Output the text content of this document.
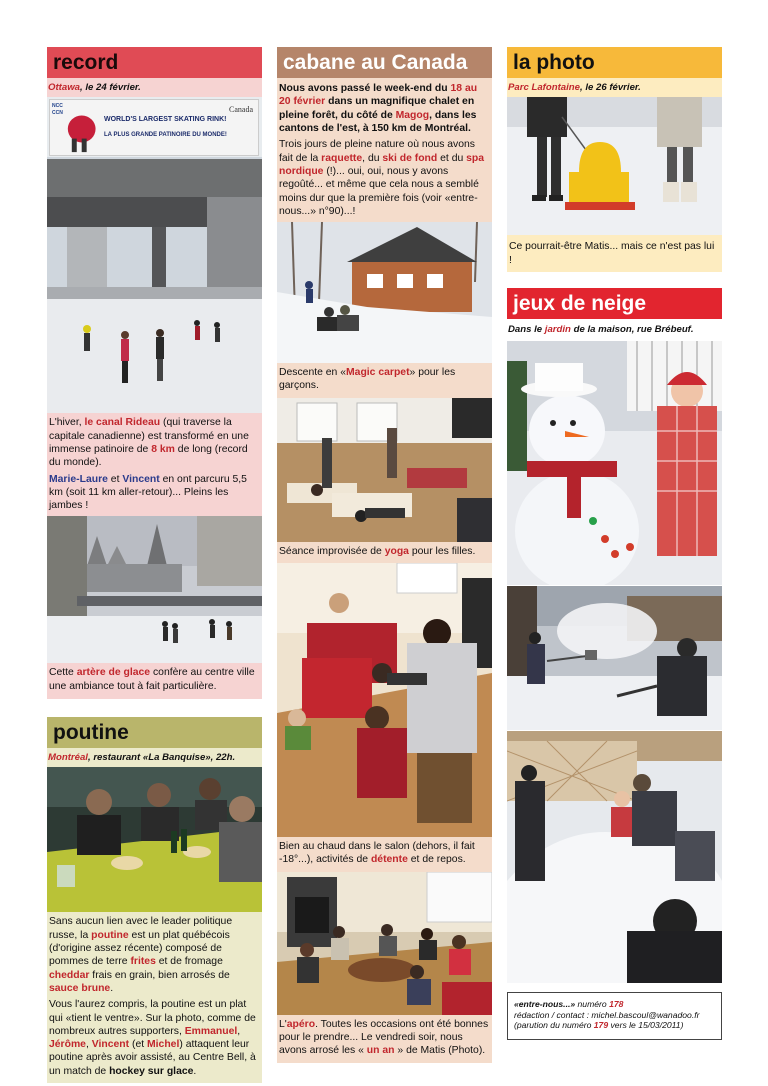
record
Ottawa, le 24 février.
NCC CCN	Canada
WORLD'S LARGEST SKATING RINK!
LA PLUS GRANDE PATINOIRE DU MONDE!

L'hiver, le canal Rideau (qui traverse la capitale canadienne) est transformé en une immense patinoire de 8 km de long (record du monde).

Marie-Laure et Vincent en ont parcuru 5,5 km (soit 11 km aller-retour)... Pleins les jambes !

Cette artère de glace confère au centre ville une ambiance tout à fait particulière.

poutine
Montréal, restaurant «La Banquise», 22h.

Sans aucun lien avec le leader politique russe, la poutine est un plat québécois (d'origine assez récente) composé de pommes de terre frites et de fromage cheddar frais en grain, bien arrosés de sauce brune.

Vous l'aurez compris, la poutine est un plat qui «tient le ventre». Sur la photo, comme de nombreux autres supporters, Emmanuel, Jérôme, Vincent (et Michel) attaquent leur poutine après avoir assisté, au Centre Bell, à un match de hockey sur glace.

cabane au Canada

Nous avons passé le week-end du 18 au 20 février dans un magnifique chalet en pleine forêt, du côté de Magog, dans les cantons de l'est, à 150 km de Montréal.

Trois jours de pleine nature où nous avons fait de la raquette, du ski de fond et du spa nordique (!)... oui, oui, nous y avons regoûté... et même que cela nous a semblé moins dur que la première fois (voir «entre-nous...» n°90)...!

Descente en «Magic carpet» pour les garçons.

Séance improvisée de yoga pour les filles.

Bien au chaud dans le salon (dehors, il fait -18°...), activités de détente et de repos.

L'apéro. Toutes les occasions ont été bonnes pour le prendre... Le vendredi soir, nous avons arrosé les « un an » de Matis (Photo).

la photo
Parc Lafontaine, le 26 février.

Ce pourrait-être Matis... mais ce n'est pas lui !

jeux de neige
Dans le jardin de la maison, rue Brébeuf.
«entre-nous...» numéro 178
rédaction / contact : michel.bascoul@wanadoo.fr
(parution du numéro 179 vers le 15/03/2011)
